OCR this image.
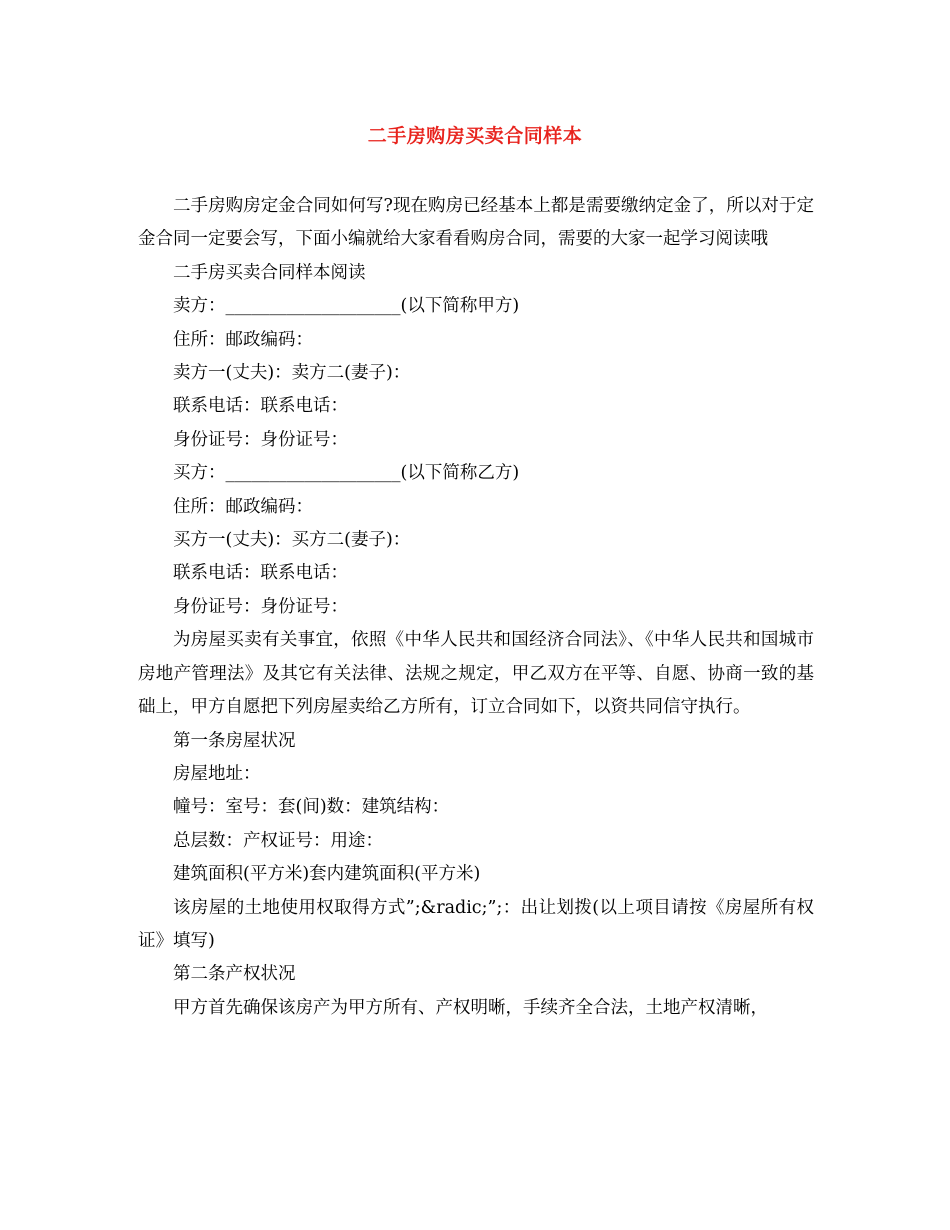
二手房购房买卖合同样本

二手房购房定金合同如何写?现在购房已经基本上都是需要缴纳定金了，所以对于定金合同一定要会写，下面小编就给大家看看购房合同，需要的大家一起学习阅读哦

二手房买卖合同样本阅读

卖方：____________________(以下简称甲方)

住所：邮政编码：

卖方一(丈夫)：卖方二(妻子)：

联系电话：联系电话：

身份证号：身份证号：

买方：____________________(以下简称乙方)

住所：邮政编码：

买方一(丈夫)：买方二(妻子)：

联系电话：联系电话：

身份证号：身份证号：

为房屋买卖有关事宜，依照《中华人民共和国经济合同法》、《中华人民共和国城市房地产管理法》及其它有关法律、法规之规定，甲乙双方在平等、自愿、协商一致的基础上，甲方自愿把下列房屋卖给乙方所有，订立合同如下，以资共同信守执行。

第一条房屋状况

房屋地址：

幢号：室号：套(间)数：建筑结构：

总层数：产权证号：用途：

建筑面积(平方米)套内建筑面积(平方米)

该房屋的土地使用权取得方式”;&radic;”;：出让划拨(以上项目请按《房屋所有权证》填写)

第二条产权状况

甲方首先确保该房产为甲方所有、产权明晰，手续齐全合法，土地产权清晰，
